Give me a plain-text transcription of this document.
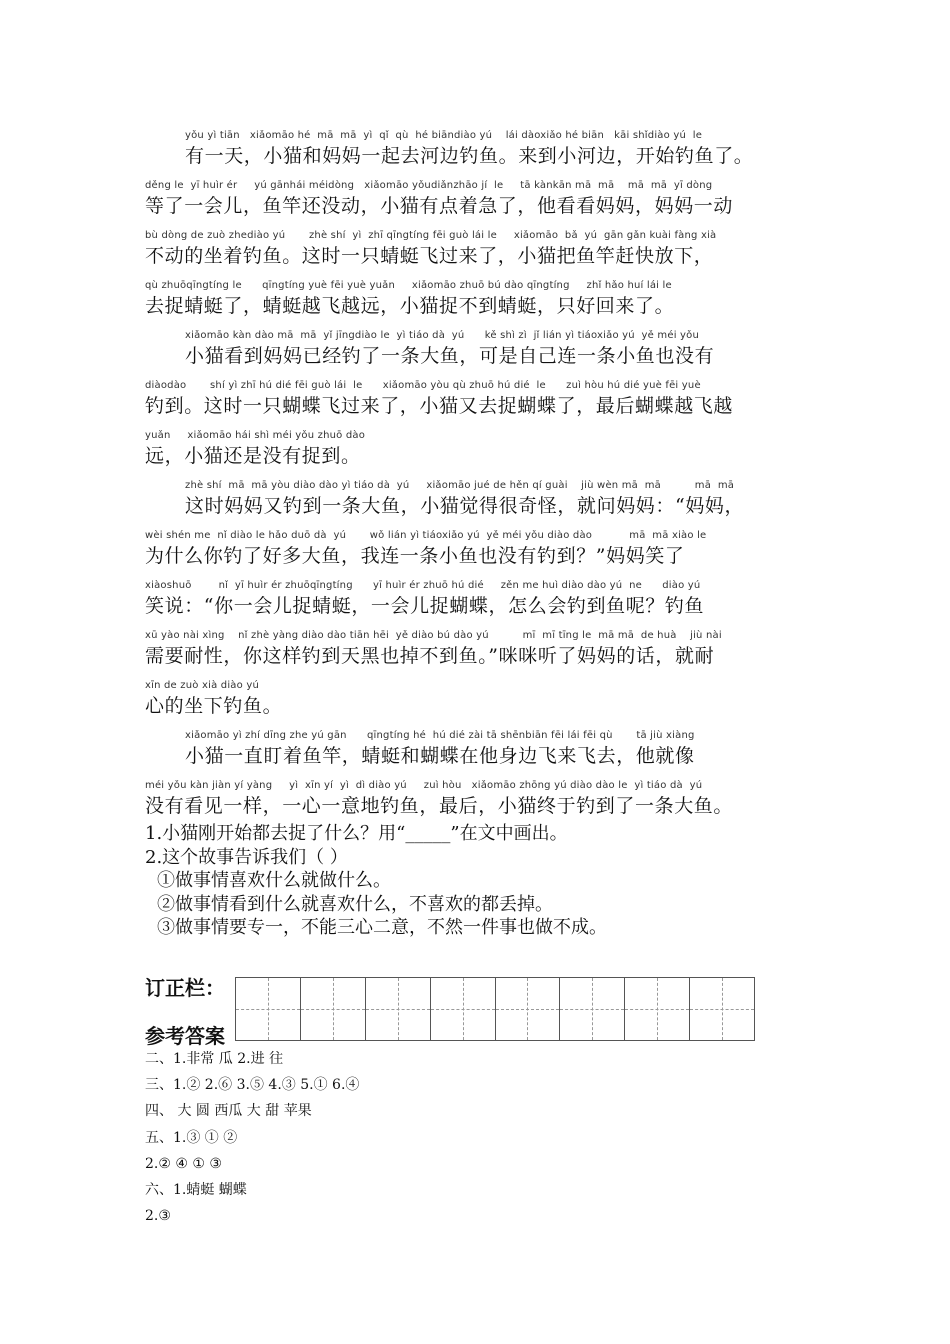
yǒu yì tiān   xiǎomāo hé  mā  mā  yì  qǐ  qù  hé biāndiào yú    lái dàoxiǎo hé biān   kāi shǐdiào yú  le
有一天，小猫和妈妈一起去河边钓鱼。来到小河边，开始钓鱼了。
děng le  yī huìr ér     yú gānhái méidòng   xiǎomāo yǒudiǎnzhāo jí  le     tā kànkān mā  mā    mā  mā  yī dòng
等了一会儿，鱼竿还没动，小猫有点着急了，他看看妈妈，妈妈一动
bù dòng de zuò zhediào yú       zhè shí  yì  zhī qīngtíng fēi guò lái le     xiǎomāo  bǎ  yú  gān gǎn kuài fàng xià
不动的坐着钓鱼。这时一只蜻蜓飞过来了，小猫把鱼竿赶快放下，
qù zhuōqīngtíng le      qīngtíng yuè fēi yuè yuǎn     xiǎomāo zhuō bú dào qīngtíng     zhǐ hǎo huí lái le
去捉蜻蜓了，蜻蜓越飞越远，小猫捉不到蜻蜓，只好回来了。
xiǎomāo kàn dào mā  mā  yǐ jīngdiào le  yì tiáo dà  yú      kě shì zì  jǐ lián yì tiáoxiǎo yú  yě méi yǒu
小猫看到妈妈已经钓了一条大鱼，可是自己连一条小鱼也没有
diàodào       shí yì zhī hú dié fēi guò lái  le      xiǎomāo yòu qù zhuō hú dié  le      zuì hòu hú dié yuè fēi yuè
钓到。这时一只蝴蝶飞过来了，小猫又去捉蝴蝶了，最后蝴蝶越飞越
yuǎn     xiǎomāo hái shì méi yǒu zhuō dào
远，小猫还是没有捉到。
zhè shí  mā  mā yòu diào dào yì tiáo dà  yú     xiǎomāo jué de hěn qí guài    jiù wèn mā  mā          mā  mā
这时妈妈又钓到一条大鱼，小猫觉得很奇怪，就问妈妈：“妈妈，
wèi shén me  nǐ diào le hǎo duō dà  yú       wǒ lián yì tiáoxiǎo yú  yě méi yǒu diào dào           mā  mā xiào le
为什么你钓了好多大鱼，我连一条小鱼也没有钓到？”妈妈笑了
xiàoshuō        nǐ  yī huìr ér zhuōqīngtíng      yī huìr ér zhuō hú dié     zěn me huì diào dào yú  ne      diào yú
笑说：“你一会儿捉蜻蜓，一会儿捉蝴蝶，怎么会钓到鱼呢？钓鱼
xū yào nài xìng    nǐ zhè yàng diào dào tiān hēi  yě diào bú dào yú          mī  mī tīng le  mā mā  de huà    jiù nài
需要耐性，你这样钓到天黑也掉不到鱼。”咪咪听了妈妈的话，就耐
xīn de zuò xià diào yú
心的坐下钓鱼。
xiǎomāo yì zhí dīng zhe yú gān      qīngtíng hé  hú dié zài tā shēnbiān fēi lái fēi qù       tā jiù xiàng
小猫一直盯着鱼竿，蜻蜓和蝴蝶在他身边飞来飞去，他就像
méi yǒu kàn jiàn yí yàng     yì  xīn yí  yì  dì diào yú     zuì hòu   xiǎomāo zhōng yú diào dào le  yì tiáo dà  yú
没有看见一样，一心一意地钓鱼，最后，小猫终于钓到了一条大鱼。
1.小猫刚开始都去捉了什么？用“_____”在文中画出。
2.这个故事告诉我们（ ）
①做事情喜欢什么就做什么。
②做事情看到什么就喜欢什么，不喜欢的都丢掉。
③做事情要专一，不能三心二意，不然一件事也做不成。
订正栏：
参考答案
二、1.非常 瓜 2.进 往
三、1.② 2.⑥ 3.⑤ 4.③ 5.① 6.④
四、 大 圆 西瓜 大 甜 苹果
五、1.③ ① ②
2.② ④ ① ③
六、1.蜻蜓 蝴蝶
2.③
